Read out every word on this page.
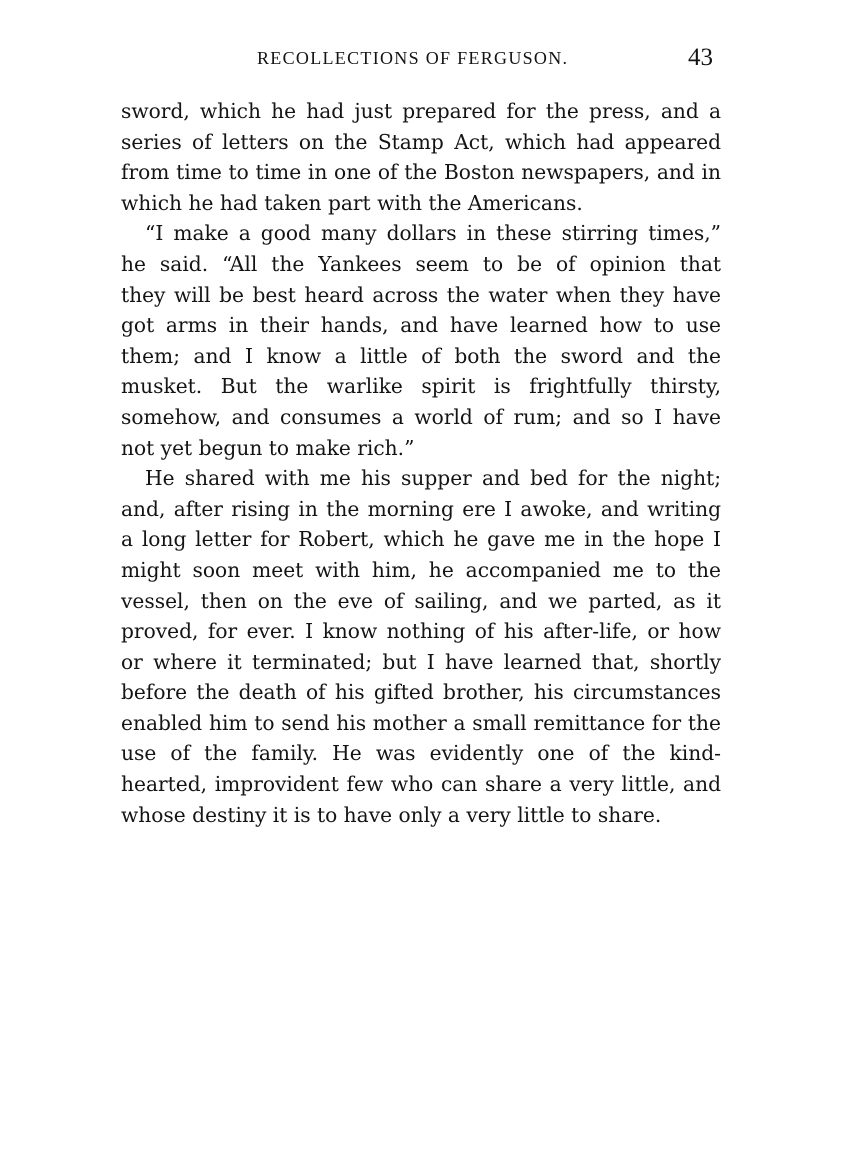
RECOLLECTIONS OF FERGUSON.	43
sword, which he had just prepared for the press, and a
series of letters on the Stamp Act, which had appeared
from time to time in one of the Boston newspapers, and in
which he had taken part with the Americans.
“I make a good many dollars in these stirring times,”
he said. “All the Yankees seem to be of opinion that
they will be best heard across the water when they have
got arms in their hands, and have learned how to use
them; and I know a little of both the sword and the
musket. But the warlike spirit is frightfully thirsty,
somehow, and consumes a world of rum; and so I have
not yet begun to make rich.”
He shared with me his supper and bed for the night;
and, after rising in the morning ere I awoke, and writing
a long letter for Robert, which he gave me in the hope I
might soon meet with him, he accompanied me to the
vessel, then on the eve of sailing, and we parted, as it
proved, for ever. I know nothing of his after-life, or how
or where it terminated; but I have learned that, shortly
before the death of his gifted brother, his circumstances
enabled him to send his mother a small remittance for the
use of the family. He was evidently one of the kind-
hearted, improvident few who can share a very little, and
whose destiny it is to have only a very little to share.
